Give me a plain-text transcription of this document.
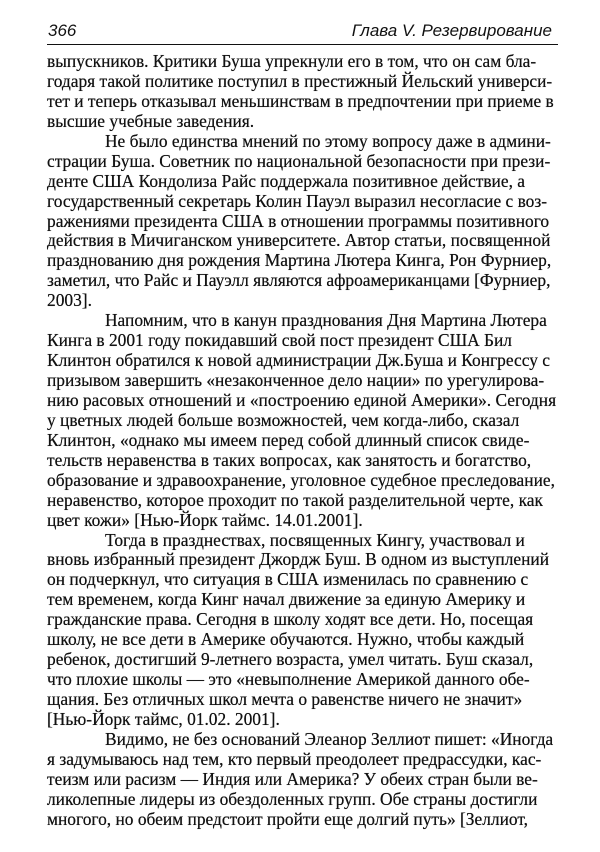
366	Глава V. Резервирование
выпускников. Критики Буша упрекнули его в том, что он сам бла-
годаря такой политике поступил в престижный Йельский универси-
тет и теперь отказывал меньшинствам в предпочтении при приеме в
высшие учебные заведения.
Не было единства мнений по этому вопросу даже в админи-
страции Буша. Советник по национальной безопасности при прези-
денте США Кондолиза Райс поддержала позитивное действие, а
государственный секретарь Колин Пауэл выразил несогласие с воз-
ражениями президента США в отношении программы позитивного
действия в Мичиганском университете. Автор статьи, посвященной
празднованию дня рождения Мартина Лютера Кинга, Рон Фурниер,
заметил, что Райс и Пауэлл являются афроамериканцами [Фурниер,
2003].
Напомним, что в канун празднования Дня Мартина Лютера
Кинга в 2001 году покидавший свой пост президент США Бил
Клинтон обратился к новой администрации Дж.Буша и Конгрессу с
призывом завершить «незаконченное дело нации» по урегулирова-
нию расовых отношений и «построению единой Америки». Сегодня
у цветных людей больше возможностей, чем когда-либо, сказал
Клинтон, «однако мы имеем перед собой длинный список свиде-
тельств неравенства в таких вопросах, как занятость и богатство,
образование и здравоохранение, уголовное судебное преследование,
неравенство, которое проходит по такой разделительной черте, как
цвет кожи» [Нью-Йорк таймс. 14.01.2001].
Тогда в празднествах, посвященных Кингу, участвовал и
вновь избранный президент Джордж Буш. В одном из выступлений
он подчеркнул, что ситуация в США изменилась по сравнению с
тем временем, когда Кинг начал движение за единую Америку и
гражданские права. Сегодня в школу ходят все дети. Но, посещая
школу, не все дети в Америке обучаются. Нужно, чтобы каждый
ребенок, достигший 9-летнего возраста, умел читать. Буш сказал,
что плохие школы — это «невыполнение Америкой данного обе-
щания. Без отличных школ мечта о равенстве ничего не значит»
[Нью-Йорк таймс, 01.02. 2001].
Видимо, не без оснований Элеанор Зеллиот пишет: «Иногда
я задумываюсь над тем, кто первый преодолеет предрассудки, кас-
теизм или расизм — Индия или Америка? У обеих стран были ве-
ликолепные лидеры из обездоленных групп. Обе страны достигли
многого, но обеим предстоит пройти еще долгий путь» [Зеллиот,
